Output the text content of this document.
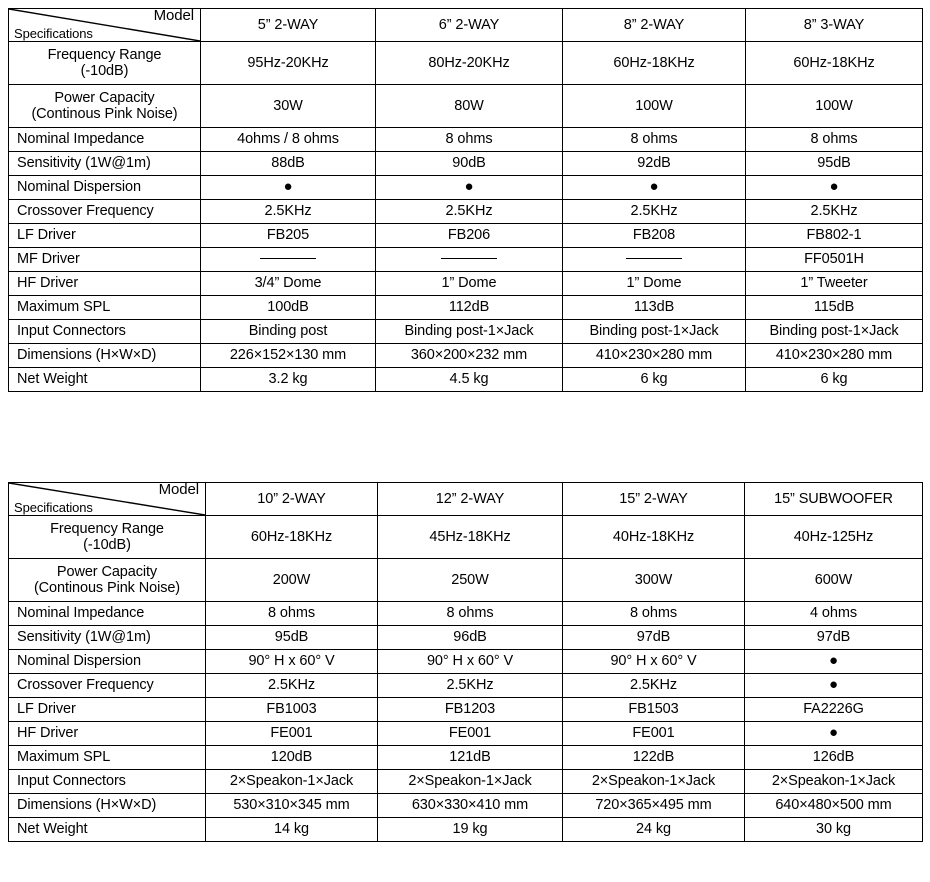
Model
Specifications	5” 2-WAY	6” 2-WAY	8” 2-WAY	8” 3-WAY

Frequency Range
(-10dB)	95Hz-20KHz	80Hz-20KHz	60Hz-18KHz	60Hz-18KHz

Power Capacity
(Continous Pink Noise)	30W	80W	100W	100W
Nominal Impedance	4ohms / 8 ohms	8 ohms	8 ohms	8 ohms
Sensitivity (1W@1m)	88dB	90dB	92dB	95dB
Nominal Dispersion	●	●	●	●
Crossover Frequency	2.5KHz	2.5KHz	2.5KHz	2.5KHz
LF Driver	FB205	FB206	FB208	FB802-1
MF Driver				FF0501H
HF Driver	3/4” Dome	1” Dome	1” Dome	1” Tweeter
Maximum SPL	100dB	112dB	113dB	115dB
Input Connectors	Binding post	Binding post-1×Jack	Binding post-1×Jack	Binding post-1×Jack
Dimensions (H×W×D)	226×152×130 mm	360×200×232 mm	410×230×280 mm	410×230×280 mm
Net Weight	3.2 kg	4.5 kg	6 kg	6 kg
Model
Specifications	10” 2-WAY	12” 2-WAY	15” 2-WAY	15” SUBWOOFER

Frequency Range
(-10dB)	60Hz-18KHz	45Hz-18KHz	40Hz-18KHz	40Hz-125Hz

Power Capacity
(Continous Pink Noise)	200W	250W	300W	600W
Nominal Impedance	8 ohms	8 ohms	8 ohms	4 ohms
Sensitivity (1W@1m)	95dB	96dB	97dB	97dB
Nominal Dispersion	90° H x 60° V	90° H x 60° V	90° H x 60° V	●
Crossover Frequency	2.5KHz	2.5KHz	2.5KHz	●
LF Driver	FB1003	FB1203	FB1503	FA2226G
HF Driver	FE001	FE001	FE001	●
Maximum SPL	120dB	121dB	122dB	126dB
Input Connectors	2×Speakon-1×Jack	2×Speakon-1×Jack	2×Speakon-1×Jack	2×Speakon-1×Jack
Dimensions (H×W×D)	530×310×345 mm	630×330×410 mm	720×365×495 mm	640×480×500 mm
Net Weight	14 kg	19 kg	24 kg	30 kg
